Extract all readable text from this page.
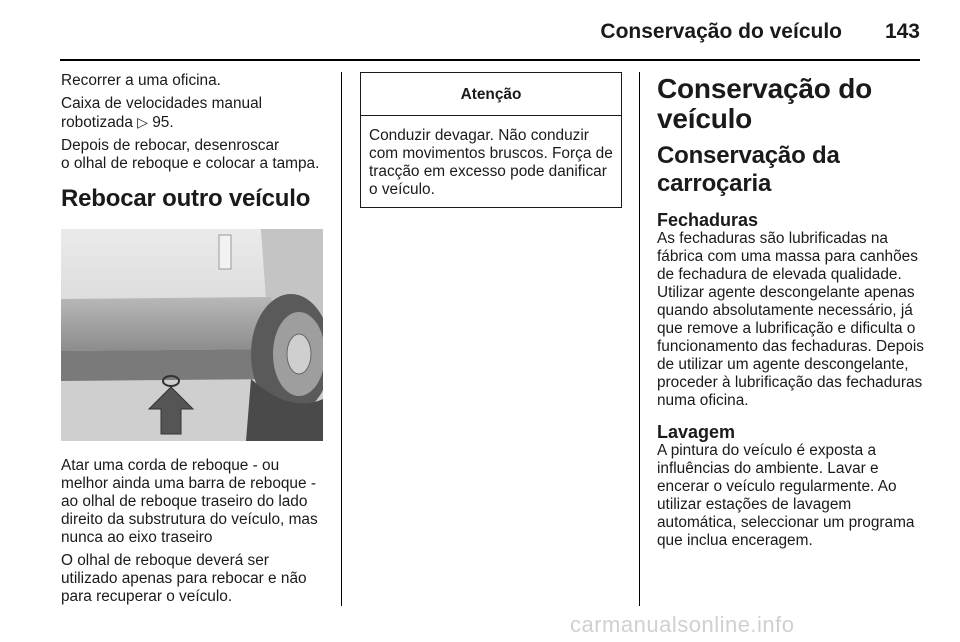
Conservação do veículo 143

Recorrer a uma oficina.

Caixa de velocidades manual
robotizada ▷ 95.

Depois de rebocar, desenroscar
o olhal de reboque e colocar a tampa.

Rebocar outro veículo

Atar uma corda de reboque - ou melhor ainda uma barra de reboque - ao olhal de reboque traseiro do lado direito da substrutura do veículo, mas nunca ao eixo traseiro

O olhal de reboque deverá ser utilizado apenas para rebocar e não para recuperar o veículo.

Atenção

Conduzir devagar. Não conduzir com movimentos bruscos. Força de tracção em excesso pode danificar o veículo.

Conservação do veículo
Conservação da carroçaria
Fechaduras

As fechaduras são lubrificadas na fábrica com uma massa para canhões de fechadura de elevada qualidade. Utilizar agente descongelante apenas quando absolutamente necessário, já que remove a lubrificação e dificulta o funcionamento das fechaduras. Depois de utilizar um agente descongelante, proceder à lubrificação das fechaduras numa oficina.

Lavagem

A pintura do veículo é exposta a influências do ambiente. Lavar e encerar o veículo regularmente. Ao utilizar estações de lavagem automática, seleccionar um programa que inclua enceragem.

carmanualsonline.info
